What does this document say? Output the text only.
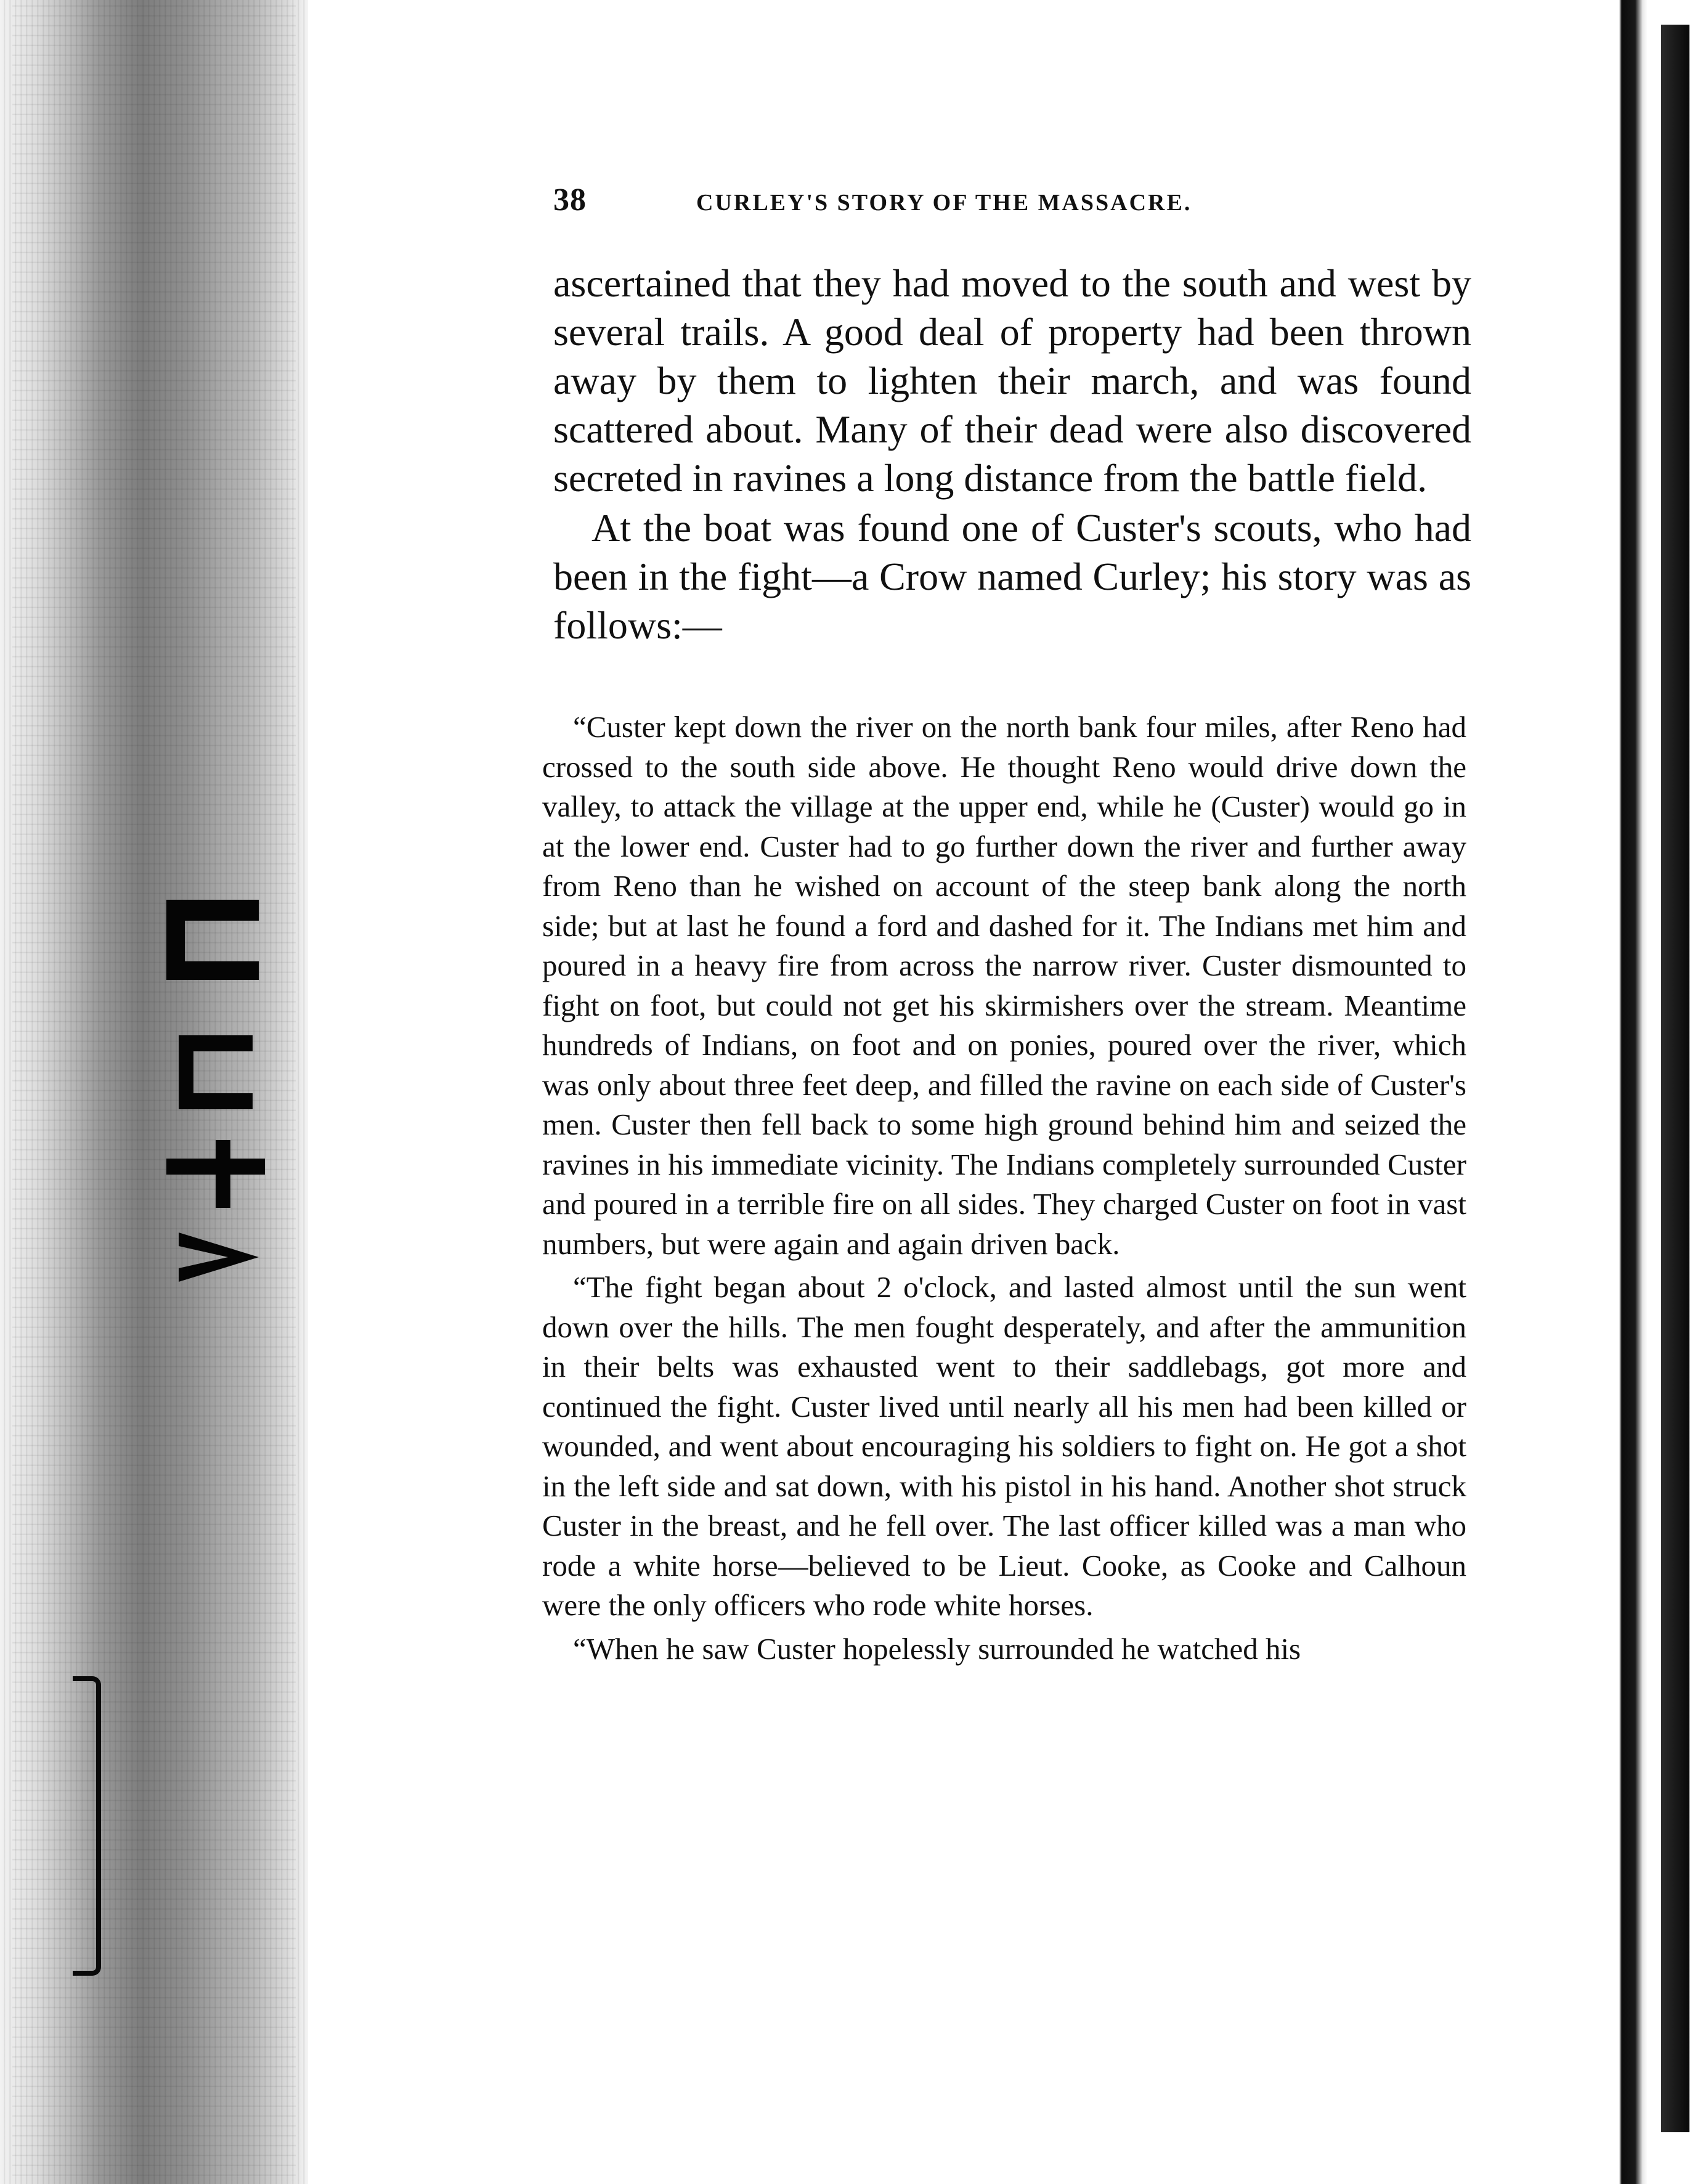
38	CURLEY'S STORY OF THE MASSACRE.

ascertained that they had moved to the south and west by several trails. A good deal of property had been thrown away by them to lighten their march, and was found scattered about. Many of their dead were also discovered secreted in ravines a long distance from the battle field.

At the boat was found one of Custer's scouts, who had been in the fight—a Crow named Curley; his story was as follows:—

“Custer kept down the river on the north bank four miles, after Reno had crossed to the south side above. He thought Reno would drive down the valley, to attack the village at the upper end, while he (Custer) would go in at the lower end. Custer had to go further down the river and further away from Reno than he wished on account of the steep bank along the north side; but at last he found a ford and dashed for it. The Indians met him and poured in a heavy fire from across the narrow river. Custer dismounted to fight on foot, but could not get his skirmishers over the stream. Meantime hundreds of Indians, on foot and on ponies, poured over the river, which was only about three feet deep, and filled the ravine on each side of Custer's men. Custer then fell back to some high ground behind him and seized the ravines in his immediate vicinity. The Indians completely surrounded Custer and poured in a terrible fire on all sides. They charged Custer on foot in vast numbers, but were again and again driven back.

“The fight began about 2 o'clock, and lasted almost until the sun went down over the hills. The men fought desperately, and after the ammunition in their belts was exhausted went to their saddlebags, got more and continued the fight. Custer lived until nearly all his men had been killed or wounded, and went about encouraging his soldiers to fight on. He got a shot in the left side and sat down, with his pistol in his hand. Another shot struck Custer in the breast, and he fell over. The last officer killed was a man who rode a white horse—believed to be Lieut. Cooke, as Cooke and Calhoun were the only officers who rode white horses.

“When he saw Custer hopelessly surrounded he watched his
